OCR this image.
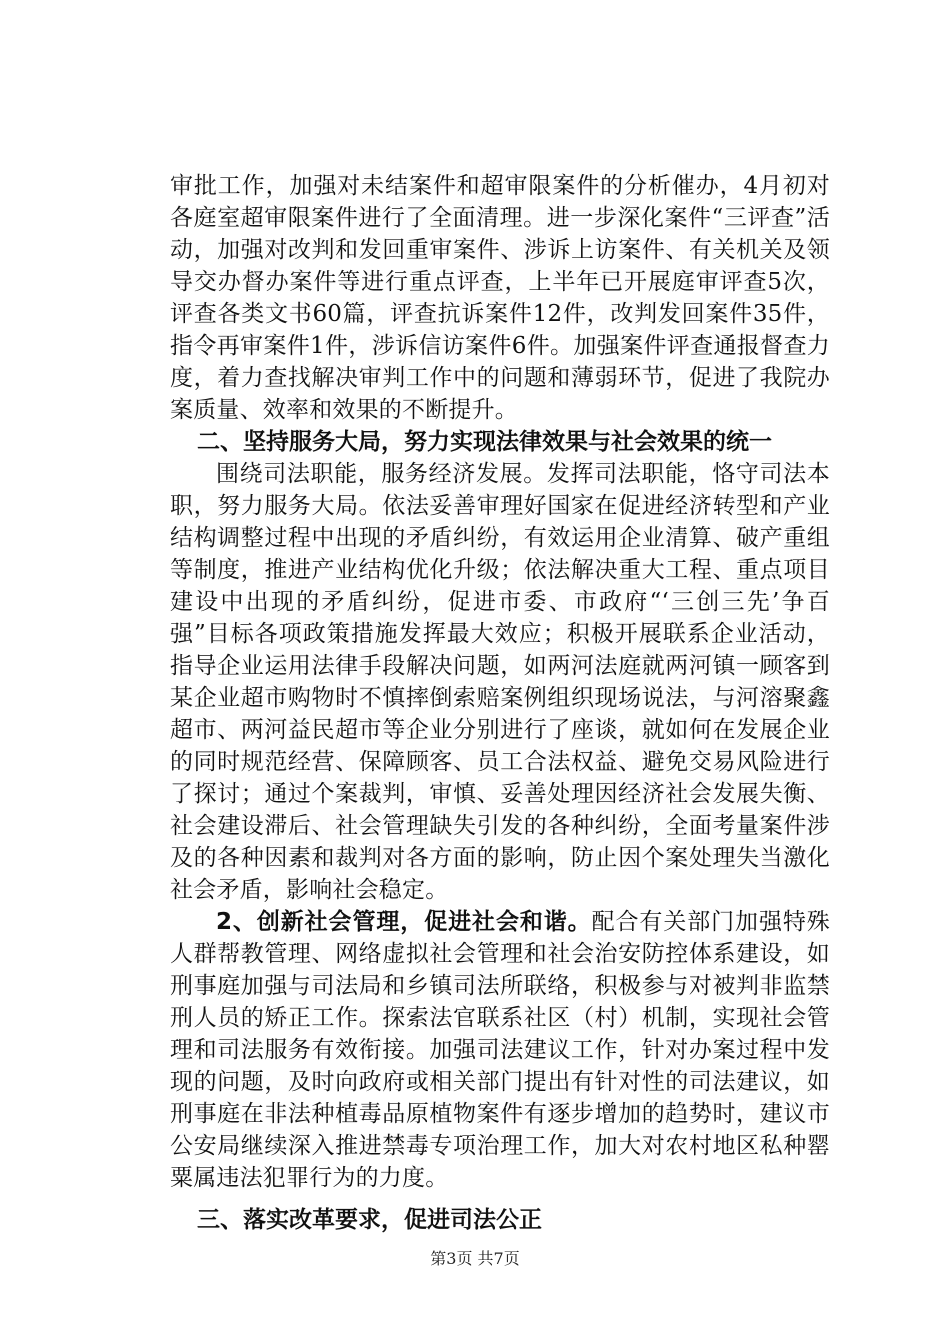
审批工作，加强对未结案件和超审限案件的分析催办，4月初对各庭室超审限案件进行了全面清理。进一步深化案件“三评查”活动，加强对改判和发回重审案件、涉诉上访案件、有关机关及领导交办督办案件等进行重点评查，上半年已开展庭审评查5次，评查各类文书60篇，评查抗诉案件12件，改判发回案件35件，指令再审案件1件，涉诉信访案件6件。加强案件评查通报督查力度，着力查找解决审判工作中的问题和薄弱环节，促进了我院办案质量、效率和效果的不断提升。

二、坚持服务大局，努力实现法律效果与社会效果的统一

围绕司法职能，服务经济发展。发挥司法职能，恪守司法本职，努力服务大局。依法妥善审理好国家在促进经济转型和产业结构调整过程中出现的矛盾纠纷，有效运用企业清算、破产重组等制度，推进产业结构优化升级；依法解决重大工程、重点项目建设中出现的矛盾纠纷，促进市委、市政府“‘三创三先’争百强”目标各项政策措施发挥最大效应；积极开展联系企业活动，指导企业运用法律手段解决问题，如两河法庭就两河镇一顾客到某企业超市购物时不慎摔倒索赔案例组织现场说法，与河溶聚鑫超市、两河益民超市等企业分别进行了座谈，就如何在发展企业的同时规范经营、保障顾客、员工合法权益、避免交易风险进行了探讨；通过个案裁判，审慎、妥善处理因经济社会发展失衡、社会建设滞后、社会管理缺失引发的各种纠纷，全面考量案件涉及的各种因素和裁判对各方面的影响，防止因个案处理失当激化社会矛盾，影响社会稳定。

2、创新社会管理，促进社会和谐。配合有关部门加强特殊人群帮教管理、网络虚拟社会管理和社会治安防控体系建设，如刑事庭加强与司法局和乡镇司法所联络，积极参与对被判非监禁刑人员的矫正工作。探索法官联系社区（村）机制，实现社会管理和司法服务有效衔接。加强司法建议工作，针对办案过程中发现的问题，及时向政府或相关部门提出有针对性的司法建议，如刑事庭在非法种植毒品原植物案件有逐步增加的趋势时，建议市公安局继续深入推进禁毒专项治理工作，加大对农村地区私种罂粟属违法犯罪行为的力度。

三、落实改革要求，促进司法公正

第3页 共7页
